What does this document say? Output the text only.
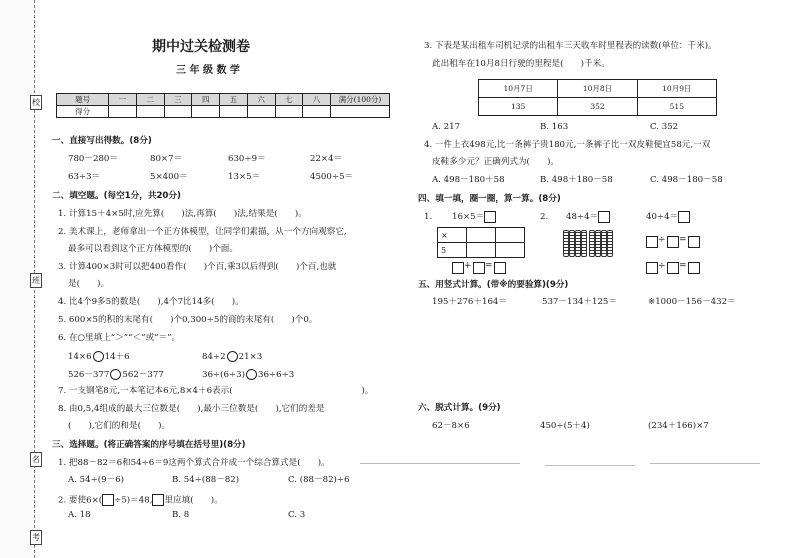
校
班
名
考
期中过关检测卷
三 年 级 数 学
题号	一	二	三	四	五	六	七	八	满分(100分)
得分									
一、直接写出得数。(8分)
780－280＝	80×7＝	630÷9＝	22×4＝
63÷3＝	5×400＝	13×5＝	4500÷5＝
二、填空题。(每空1分，共20分)
1. 计算15＋4×5时,应先算(　　)法,再算(　　)法,结果是(　　)。
2. 美术课上，老师拿出一个正方体模型，让同学们素描，从一个方向观察它,
最多可以看到这个正方体模型的(　　)个面。
3. 计算400×3时可以把400看作(　　)个百,乘3以后得到(　　)个百,也就
是(　　)。
4. 比4个9多5的数是(　　),4个7比14多(　　)。
5. 600×5的积的末尾有(　　)个0,300÷5的商的末尾有(　　)个0。
6. 在○里填上“＞”“＜”或“＝”。
14×6 14＋6	84÷2 21×3
526－377 562－377	36÷(6÷3) 36÷6÷3
7. 一支钢笔8元,一本笔记本6元,8×4＋6表示(　　　　　　　　　　　　　　　)。
8. 由0,5,4组成的最大三位数是(　　),最小三位数是(　　),它们的差是
(　　),它们的和是(　　)。
三、选择题。(将正确答案的序号填在括号里)(8分)
1. 把88－82＝6和54÷6＝9这两个算式合并成一个综合算式是(　　)。
A. 54÷(9－6)	B. 54÷(88－82)	C. (88－82)÷6
2. 要使6×( ÷5)＝48, 里应填(　　)。
A. 18	B. 8	C. 3
3. 下表是某出租车司机记录的出租车三天收车时里程表的读数(单位：千米)。
此出租车在10月8日行驶的里程是(　　)千米。
10月7日	10月8日	10月9日
135	352	515
A. 217	B. 163	C. 352
4. 一件上衣498元,比一条裤子贵180元,一条裤子比一双皮鞋便宜58元,一双
皮鞋多少元？正确列式为(　　)。
A. 498－180＋58	B. 498＋180－58	C. 498－180－58
四、填一填，圈一圈，算一算。(8分)
1. 16×5＝
×		
5		
+ =
2. 48÷4＝	40÷4＝
÷ =
÷ =
五、用竖式计算。(带※的要验算)(9分)
195＋276＋164＝	537－134＋125＝	※1000－156－432＝
六、脱式计算。(9分)
62－8×6	450÷(5＋4)	(234＋166)×7
